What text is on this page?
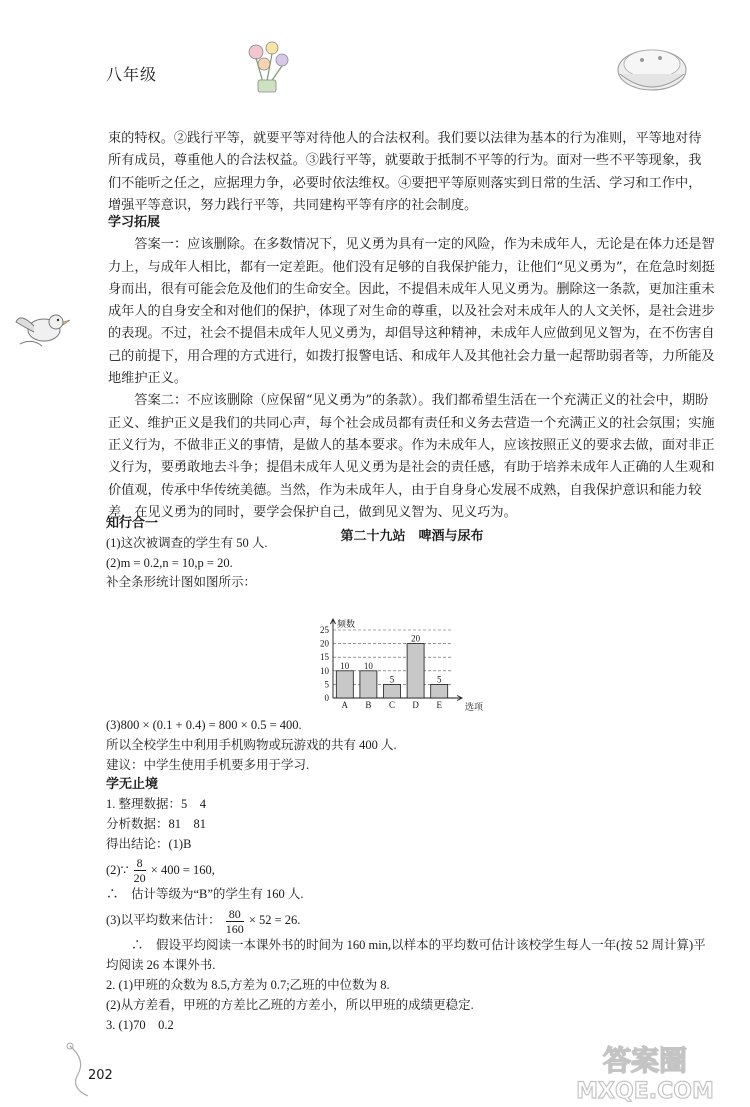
八年级
束的特权。②践行平等，就要平等对待他人的合法权利。我们要以法律为基本的行为准则，平等地对待
所有成员，尊重他人的合法权益。③践行平等，就要敢于抵制不平等的行为。面对一些不平等现象，我
们不能听之任之，应据理力争，必要时依法维权。④要把平等原则落实到日常的生活、学习和工作中，
增强平等意识，努力践行平等，共同建构平等有序的社会制度。
学习拓展
答案一：应该删除。在多数情况下，见义勇为具有一定的风险，作为未成年人，无论是在体力还是智力上，与成年人相比，都有一定差距。他们没有足够的自我保护能力，让他们“见义勇为”，在危急时刻挺身而出，很有可能会危及他们的生命安全。因此，不提倡未成年人见义勇为。删除这一条款，更加注重未成年人的自身安全和对他们的保护，体现了对生命的尊重，以及社会对未成年人的人文关怀，是社会进步的表现。不过，社会不提倡未成年人见义勇为，却倡导这种精神，未成年人应做到见义智为，在不伤害自己的前提下，用合理的方式进行，如拨打报警电话、和成年人及其他社会力量一起帮助弱者等，力所能及地维护正义。
答案二：不应该删除（应保留“见义勇为”的条款）。我们都希望生活在一个充满正义的社会中，期盼正义、维护正义是我们的共同心声，每个社会成员都有责任和义务去营造一个充满正义的社会氛围；实施正义行为，不做非正义的事情，是做人的基本要求。作为未成年人，应该按照正义的要求去做，面对非正义行为，要勇敢地去斗争；提倡未成年人见义勇为是社会的责任感，有助于培养未成年人正确的人生观和价值观，传承中华传统美德。当然，作为未成年人，由于自身身心发展不成熟，自我保护意识和能力较差，在见义勇为的同时，要学会保护自己，做到见义智为、见义巧为。
第二十九站　啤酒与尿布
知行合一
(1)这次被调查的学生有 50 人.
(2)m = 0.2,n = 10,p = 20.
补全条形统计图如图所示：
0
5
10
15
20
25 频数
选项
10
A
10
B
5
C
20
D
5
E
(3)800 × (0.1 + 0.4) = 800 × 0.5 = 400.
所以全校学生中利用手机购物或玩游戏的共有 400 人.
建议：中学生使用手机要多用于学习.
学无止境
1. 整理数据：5　4
分析数据：81　81
得出结论：(1)B
(2)∵ $\frac{8}{20} \times 400 = 160$,
∴　估计等级为“B”的学生有 160 人.
(3)以平均数来估计： $\frac{80}{160} \times 52 = 26$.
∴　假设平均阅读一本课外书的时间为 160 min,以样本的平均数可估计该校学生每人一年(按 52 周计算)平均阅读 26 本课外书.
2. (1)甲班的众数为 8.5,方差为 0.7;乙班的中位数为 8.
(2)从方差看，甲班的方差比乙班的方差小，所以甲班的成绩更稳定.
3. (1)70　0.2
202	答案圈
MXQE.COM
